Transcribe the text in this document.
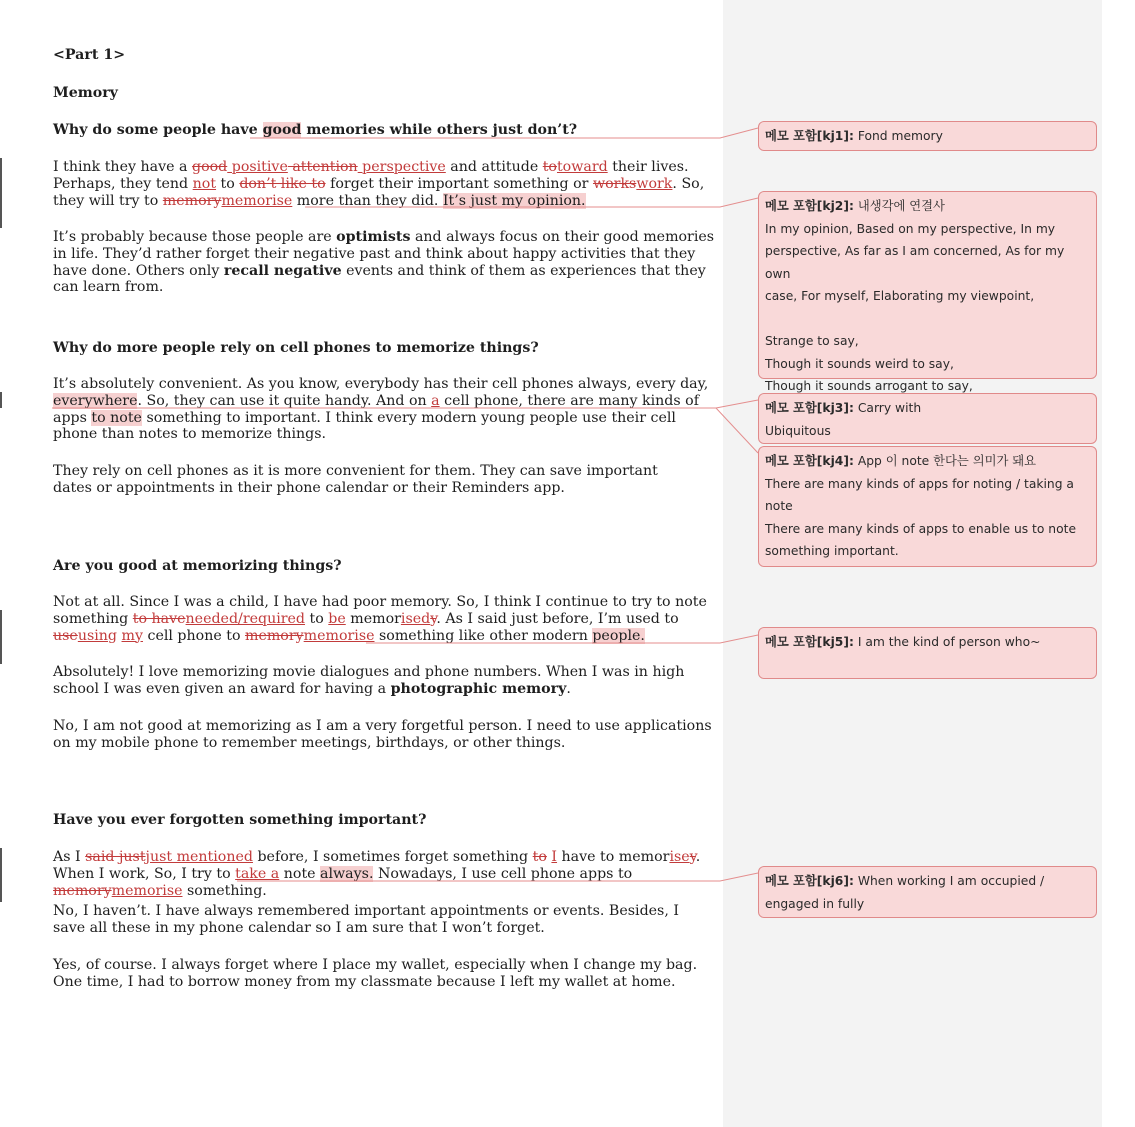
<Part 1>
Memory
Why do some people have good memories while others just don’t?
I think they have a good positive attention perspective and attitude totoward their lives. Perhaps, they tend not to don’t like to forget their important something or workswork. So, they will try to memorymemorise more than they did. It’s just my opinion.
It’s probably because those people are optimists and always focus on their good memories in life. They’d rather forget their negative past and think about happy activities that they have done. Others only recall negative events and think of them as experiences that they can learn from.
Why do more people rely on cell phones to memorize things?
It’s absolutely convenient. As you know, everybody has their cell phones always, every day, everywhere. So, they can use it quite handy. And on a cell phone, there are many kinds of apps to note something to important. I think every modern young people use their cell phone than notes to memorize things.
They rely on cell phones as it is more convenient for them. They can save important dates or appointments in their phone calendar or their Reminders app.
Are you good at memorizing things?
Not at all. Since I was a child, I have had poor memory. So, I think I continue to try to note something to haveneeded/required to be memorisedy. As I said just before, I’m used to useusing my cell phone to memorymemorise something like other modern people.
Absolutely! I love memorizing movie dialogues and phone numbers. When I was in high school I was even given an award for having a photographic memory.
No, I am not good at memorizing as I am a very forgetful person. I need to use applications on my mobile phone to remember meetings, birthdays, or other things.
Have you ever forgotten something important?
As I said justjust mentioned before, I sometimes forget something to I have to memorisey. When I work, So, I try to take a note always. Nowadays, I use cell phone apps to memorymemorise something.
No, I haven’t. I have always remembered important appointments or events. Besides, I save all these in my phone calendar so I am sure that I won’t forget.
Yes, of course. I always forget where I place my wallet, especially when I change my bag. One time, I had to borrow money from my classmate because I left my wallet at home.

메모 포함[kj1]: Fond memory

메모 포함[kj2]: 내생각에 연결사

In my opinion, Based on my perspective, In my

perspective, As far as I am concerned, As for my own

case, For myself, Elaborating my viewpoint,

Strange to say,

Though it sounds weird to say,

Though it sounds arrogant to say,

메모 포함[kj3]: Carry with

Ubiquitous

메모 포함[kj4]: App 이 note 한다는 의미가 돼요

There are many kinds of apps for noting / taking a

note

There are many kinds of apps to enable us to note

something important.

메모 포함[kj5]: I am the kind of person who~

메모 포함[kj6]: When working I am occupied /

engaged in fully
